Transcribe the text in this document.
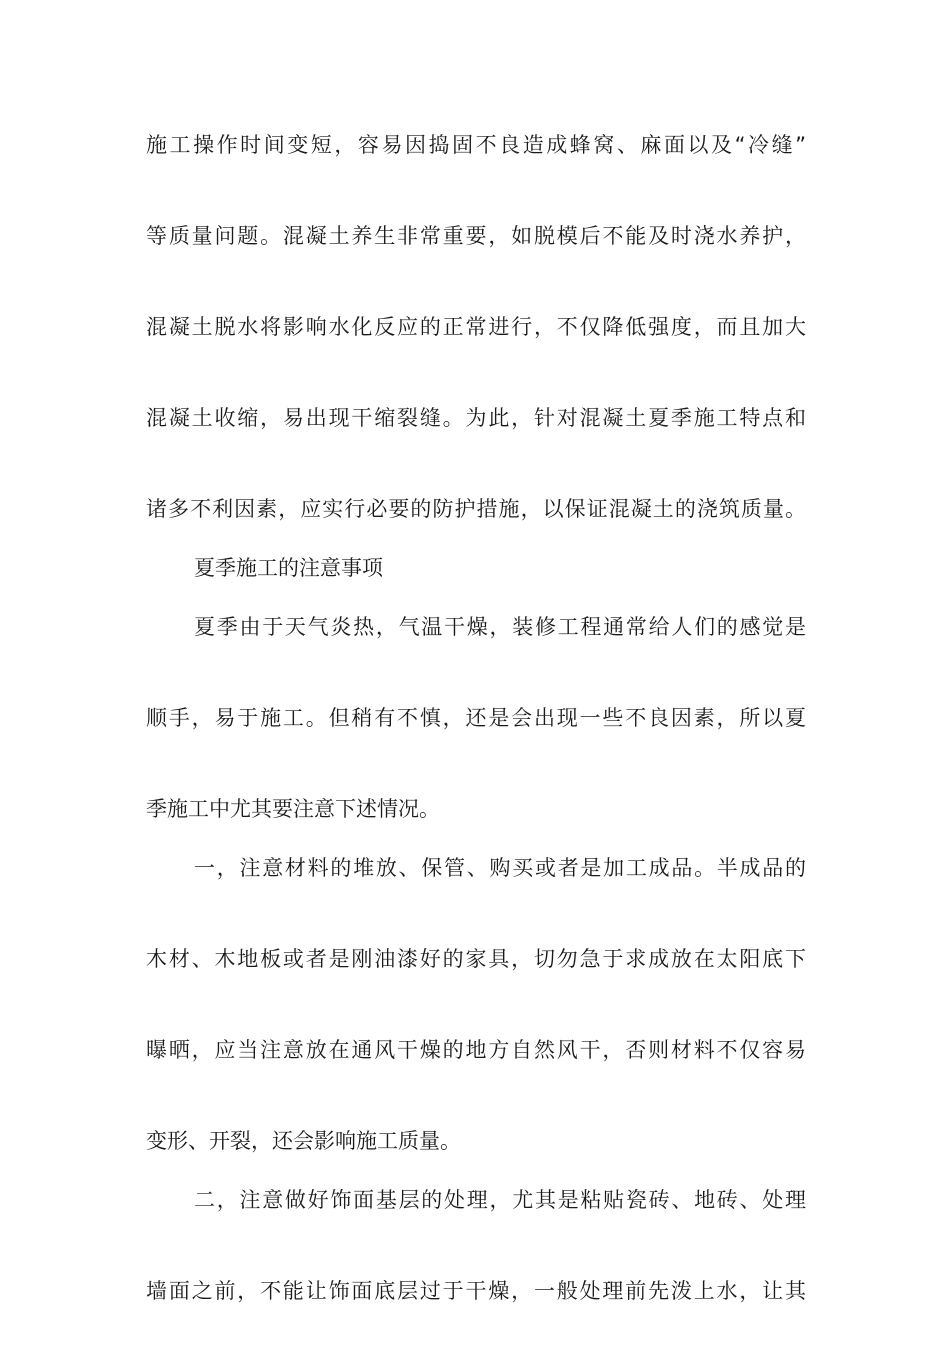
施工操作时间变短，容易因捣固不良造成蜂窝、麻面以及“冷缝”
等质量问题。混凝土养生非常重要，如脱模后不能及时浇水养护，
混凝土脱水将影响水化反应的正常进行，不仅降低强度，而且加大
混凝土收缩，易出现干缩裂缝。为此，针对混凝土夏季施工特点和
诸多不利因素，应实行必要的防护措施，以保证混凝土的浇筑质量。
夏季施工的注意事项
夏季由于天气炎热，气温干燥，装修工程通常给人们的感觉是
顺手，易于施工。但稍有不慎，还是会出现一些不良因素，所以夏
季施工中尤其要注意下述情况。
一，注意材料的堆放、保管、购买或者是加工成品。半成品的
木材、木地板或者是刚油漆好的家具，切勿急于求成放在太阳底下
曝晒，应当注意放在通风干燥的地方自然风干，否则材料不仅容易
变形、开裂，还会影响施工质量。
二，注意做好饰面基层的处理，尤其是粘贴瓷砖、地砖、处理
墙面之前，不能让饰面底层过于干燥，一般处理前先泼上水，让其
